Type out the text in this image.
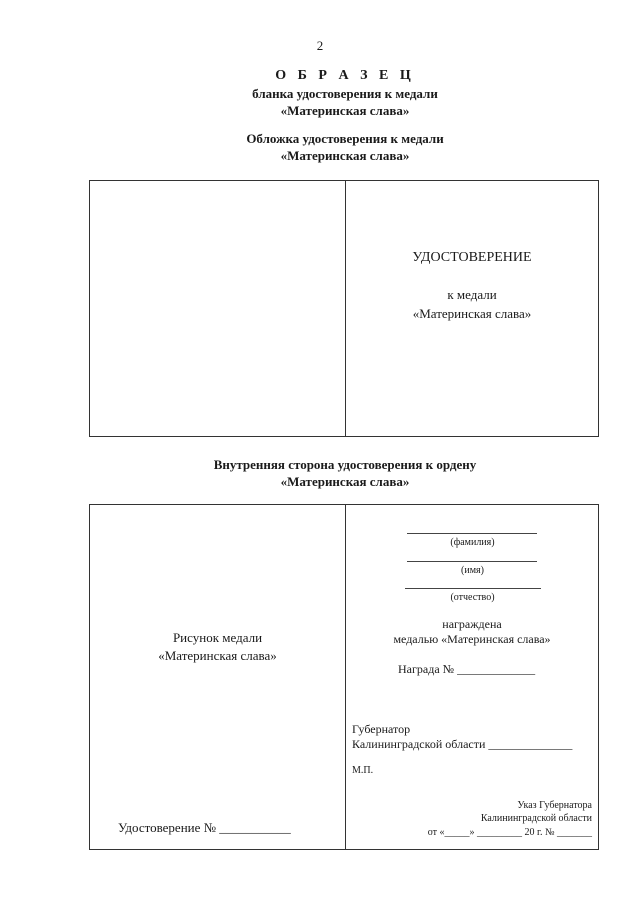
2
О Б Р А З Е Ц
бланка удостоверения к медали
«Материнская слава»
Обложка удостоверения к медали
«Материнская слава»
УДОСТОВЕРЕНИЕ
к медали
«Материнская слава»
Внутренняя сторона удостоверения к ордену
«Материнская слава»
Рисунок медали
«Материнская слава»
Удостоверение № ___________
(фамилия)
(имя)
(отчество)
награждена
медалью «Материнская слава»
Награда № _____________
Губернатор
Калининградской области ______________
М.П.
Указ Губернатора
Калининградской области
от «_____» _________ 20 г. № _______
